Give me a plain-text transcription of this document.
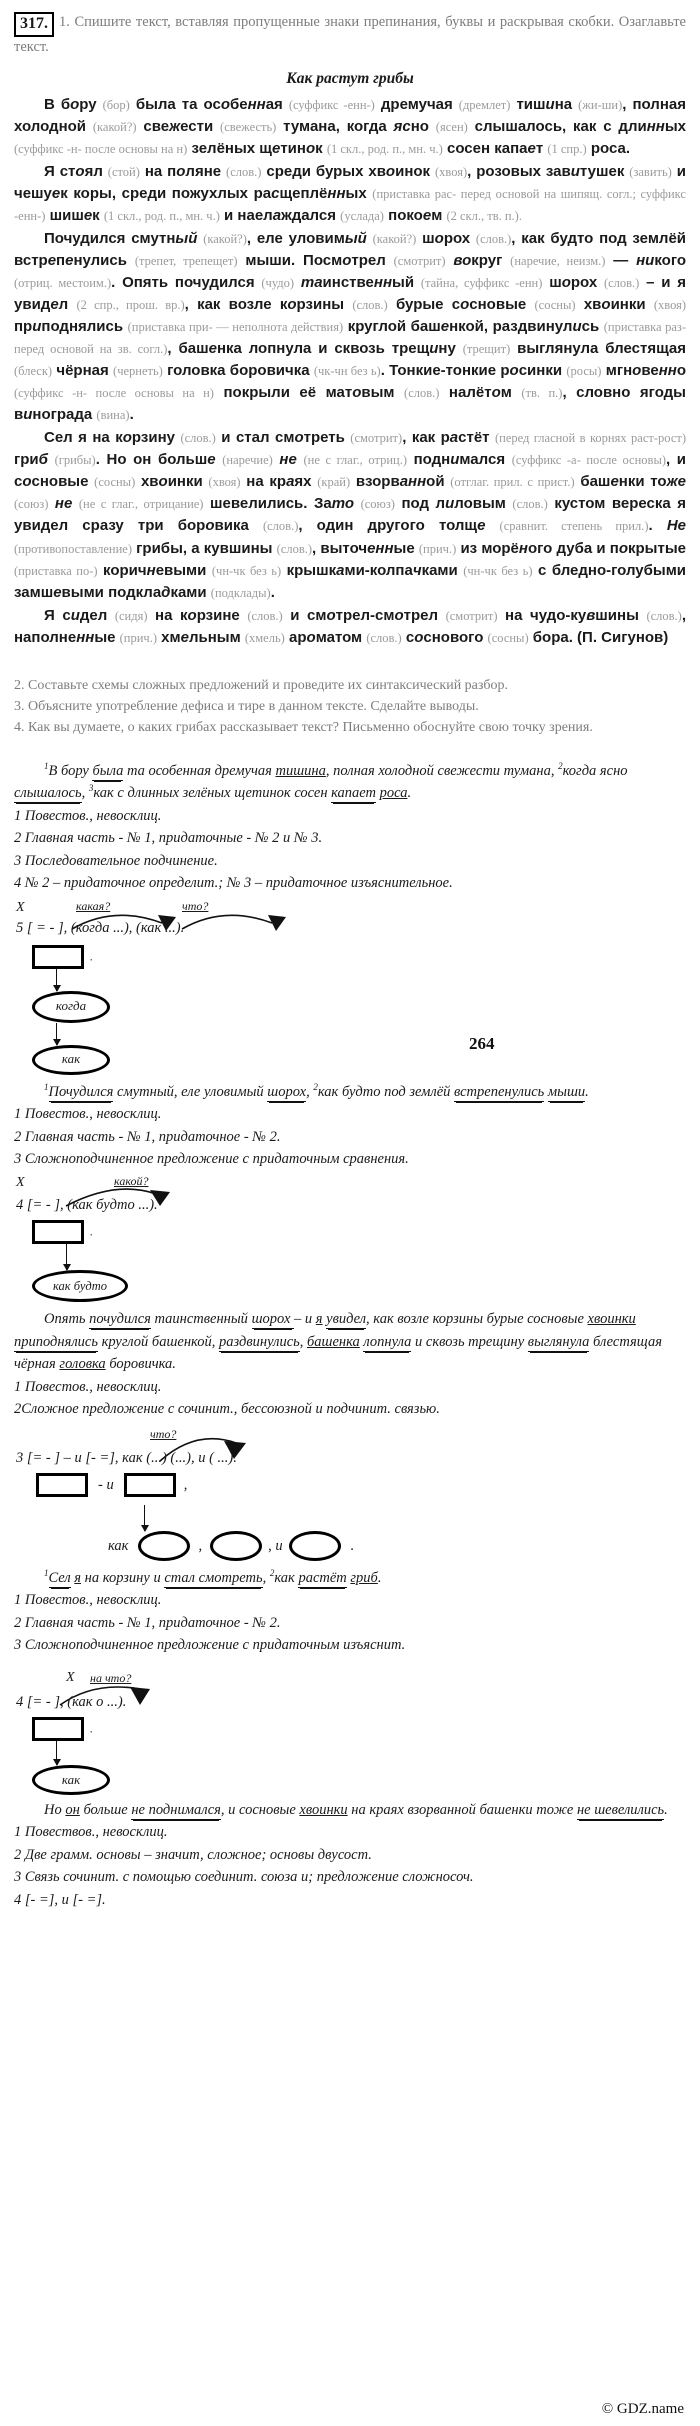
317. 1. Спишите текст, вставляя пропущенные знаки препинания, буквы и раскрывая скобки. Озаглавьте текст.
Как растут грибы
В бору (бор) была та особенная (суффикс -енн-) дремучая (дремлет) тишина (жи-ши), полная холодной (какой?) свежести (свежесть) тумана, когда ясно (ясен) слышалось, как с длинных (суффикс -н- после основы на н) зелёных щетинок (1 скл., род. п., мн. ч.) сосен капает (1 спр.) роса.
Я стоял (стой) на поляне (слов.) среди бурых хвоинок (хвоя), розовых завитушек (завить) и чешуек коры, среди пожухлых расщеплённых (приставка рас- перед основой на шипящ. согл.; суффикс -енн-) шишек (1 скл., род. п., мн. ч.) и наелаждался (услада) покоем (2 скл., тв. п.).
Почудился смутный (какой?), еле уловимый (какой?) шорох (слов.), как будто под землёй встрепенулись (трепет, трепещет) мыши. Посмотрел (смотрит) вокруг (наречие, неизм.) — никого (отриц. местоим.). Опять почудился (чудо) таинственный (тайна, суффикс -енн) шорох (слов.) – и я увидел (2 спр., прош. вр.), как возле корзины (слов.) бурые сосновые (сосны) хвоинки (хвоя) приподнялись (приставка при- — неполнота действия) круглой башенкой, раздвинулись (приставка раз- перед основой на зв. согл.), башенка лопнула и сквозь трещину (трещит) выглянула блестящая (блеск) чёрная (чернеть) головка боровичка (чк-чн без ь). Тонкие-тонкие росинки (росы) мгновенно (суффикс -н- после основы на н) покрыли её матовым (слов.) налётом (тв. п.), словно ягоды винограда (вина).
Сел я на корзину (слов.) и стал смотреть (смотрит), как растёт (перед гласной в корнях раст-рост) гриб (грибы). Но он больше (наречие) не (не с глаг., отриц.) поднимался (суффикс -а- после основы), и сосновые (сосны) хвоинки (хвоя) на краях (край) взорванной (отглаг. прил. с прист.) башенки тоже (союз) не (не с глаг., отрицание) шевелились. Зато (союз) под лиловым (слов.) кустом вереска я увидел сразу три боровика (слов.), один другого толще (сравнит. степень прил.). Не (противопоставление) грибы, а кувшины (слов.), выточенные (прич.) из морёного дуба и покрытые (приставка по-) коричневыми (чн-чк без ь) крышками-колпачками (чн-чк без ь) с бледно-голубыми замшевыми подкладками (подклады).
Я сидел (сидя) на корзине (слов.) и смотрел-смотрел (смотрит) на чудо-кувшины (слов.), наполненные (прич.) хмельным (хмель) ароматом (слов.) соснового (сосны) бора. (П. Сигунов)

2. Составьте схемы сложных предложений и проведите их синтаксический разбор.

3. Объясните употребление дефиса и тире в данном тексте. Сделайте выводы.

4. Как вы думаете, о каких грибах рассказывает текст? Письменно обоснуйте свою точку зрения.

264

$^1$В бору была та особенная дремучая тишина, полная холодной свежести тумана, $^2$когда ясно слышалось, $^3$как с длинных зелёных щетинок сосен капает роса.

1 Повестов., невосклиц.

2 Главная часть - № 1, придаточные - № 2 и № 3.

3 Последовательное подчинение.

4 № 2 – придаточное определит.; № 3 – придаточное изъяснительное.

X	какая?	что?
5 [ = - ], (когда ...), (как ...).
.
когда
как

$^1$Почудился смутный, еле уловимый шорох, $^2$как будто под землёй встрепенулись мыши.

1 Повестов., невосклиц.

2 Главная часть - № 1, придаточное - № 2.

3 Сложноподчиненное предложение с придаточным сравнения.

X	какой?
4 [= - ], (как будто ...).
.
как будто

Опять почудился таинственный шорох – и я увидел, как возле корзины бурые сосновые хвоинки приподнялись круглой башенкой, раздвинулись, башенка лопнула и сквозь трещину выглянула блестящая чёрная головка боровичка.

1 Повестов., невосклиц.

2Сложное предложение с сочинит., бессоюзной и подчинит. связью.

что?
3 [= - ] – и [- =], как (...) (...), и ( ...).
- и	,
как	,	, и	.

$^1$Сел я на корзину и стал смотреть, $^2$как растёт гриб.

1 Повестов., невосклиц.

2 Главная часть - № 1, придаточное - № 2.

3 Сложноподчиненное предложение с придаточным изъяснит.

X на что?
4 [= - ], (как о ...).
.
как

Но он больше не поднимался, и сосновые хвоинки на краях взорванной башенки тоже не шевелились.

1 Повествов., невосклиц.

2 Две грамм. основы – значит, сложное; основы двусост.

3 Связь сочинит. с помощью соединит. союза и; предложение сложносоч.

4 [- =], и [- =].

© GDZ.name
